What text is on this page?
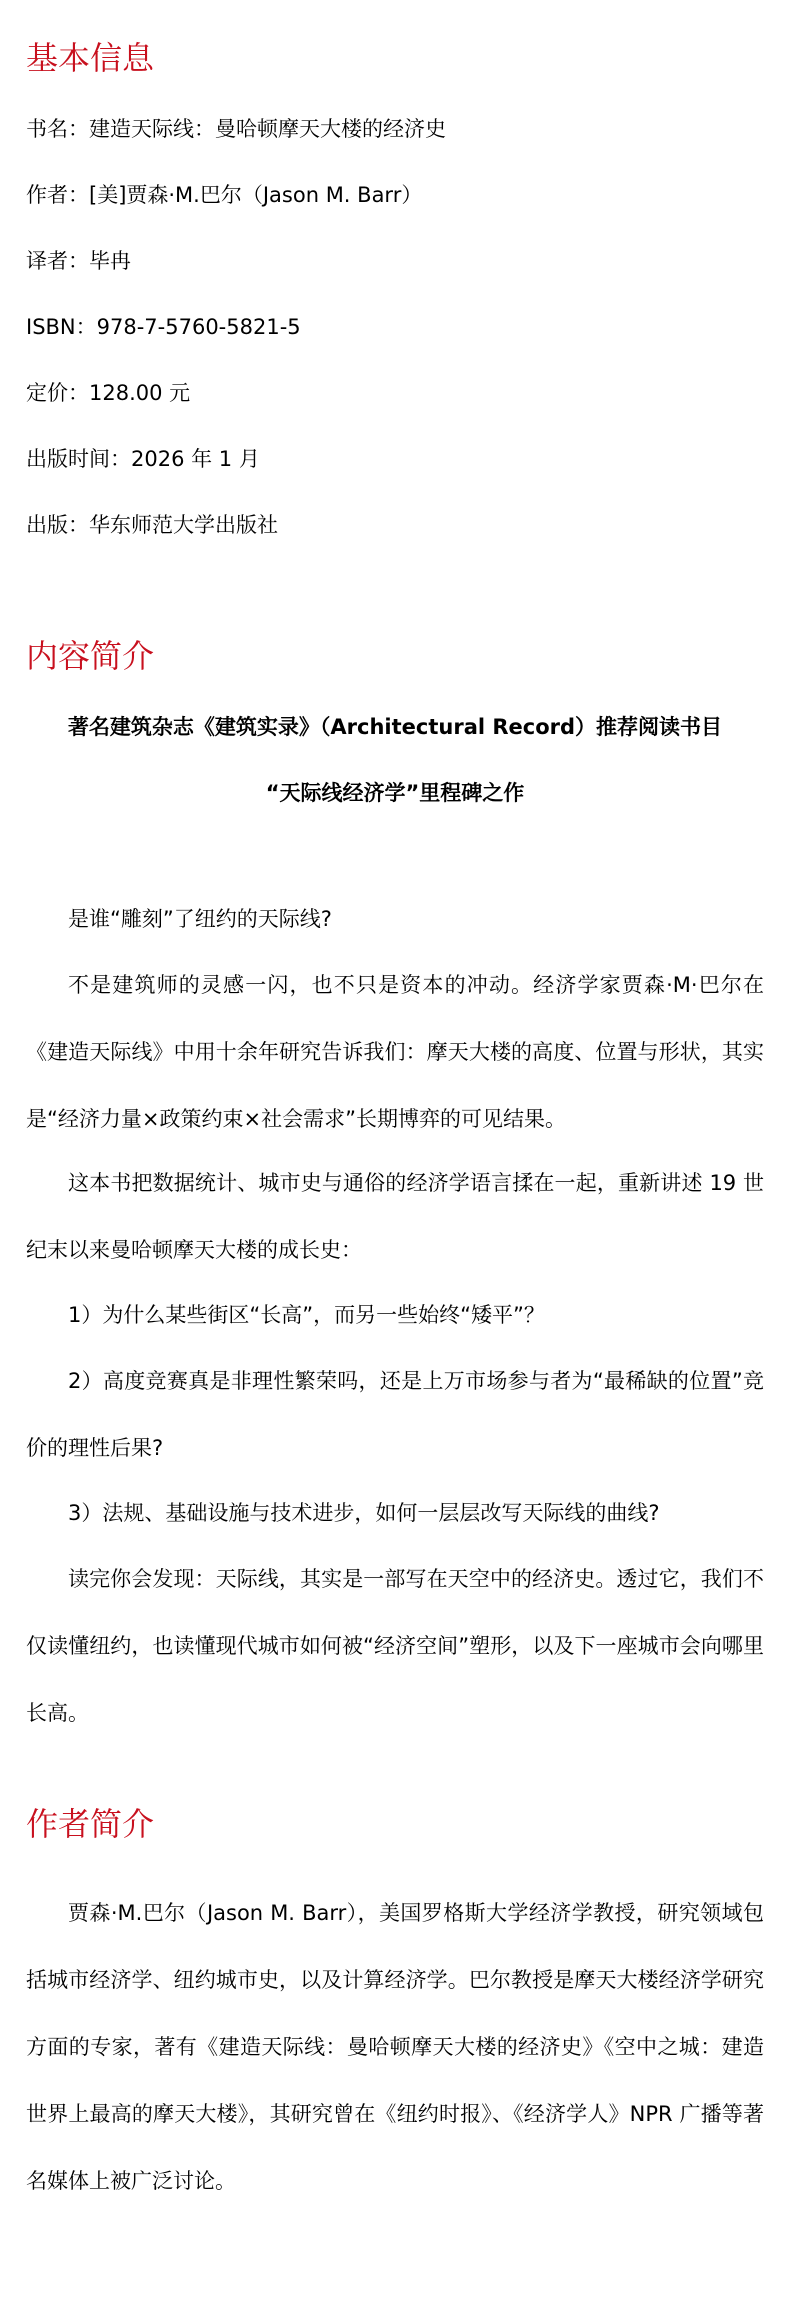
基本信息

书名：建造天际线：曼哈顿摩天大楼的经济史

作者：[美]贾森·M.巴尔（Jason M. Barr）

译者：毕冉

ISBN：978-7-5760-5821-5

定价：128.00 元

出版时间：2026 年 1 月

出版：华东师范大学出版社

内容简介

著名建筑杂志《建筑实录》（Architectural Record）推荐阅读书目

“天际线经济学”里程碑之作

是谁“雕刻”了纽约的天际线?

不是建筑师的灵感一闪，也不只是资本的冲动。经济学家贾森·M·巴尔在《建造天际线》中用十余年研究告诉我们：摩天大楼的高度、位置与形状，其实是“经济力量×政策约束×社会需求”长期博弈的可见结果。

这本书把数据统计、城市史与通俗的经济学语言揉在一起，重新讲述 19 世纪末以来曼哈顿摩天大楼的成长史：

1）为什么某些街区“长高”，而另一些始终“矮平”？

2）高度竞赛真是非理性繁荣吗，还是上万市场参与者为“最稀缺的位置”竞价的理性后果?

3）法规、基础设施与技术进步，如何一层层改写天际线的曲线?

读完你会发现：天际线，其实是一部写在天空中的经济史。透过它，我们不仅读懂纽约，也读懂现代城市如何被“经济空间”塑形，以及下一座城市会向哪里长高。

作者简介

贾森·M.巴尔（Jason M. Barr），美国罗格斯大学经济学教授，研究领域包括城市经济学、纽约城市史，以及计算经济学。巴尔教授是摩天大楼经济学研究方面的专家，著有《建造天际线：曼哈顿摩天大楼的经济史》《空中之城：建造世界上最高的摩天大楼》，其研究曾在《纽约时报》、《经济学人》NPR 广播等著名媒体上被广泛讨论。
